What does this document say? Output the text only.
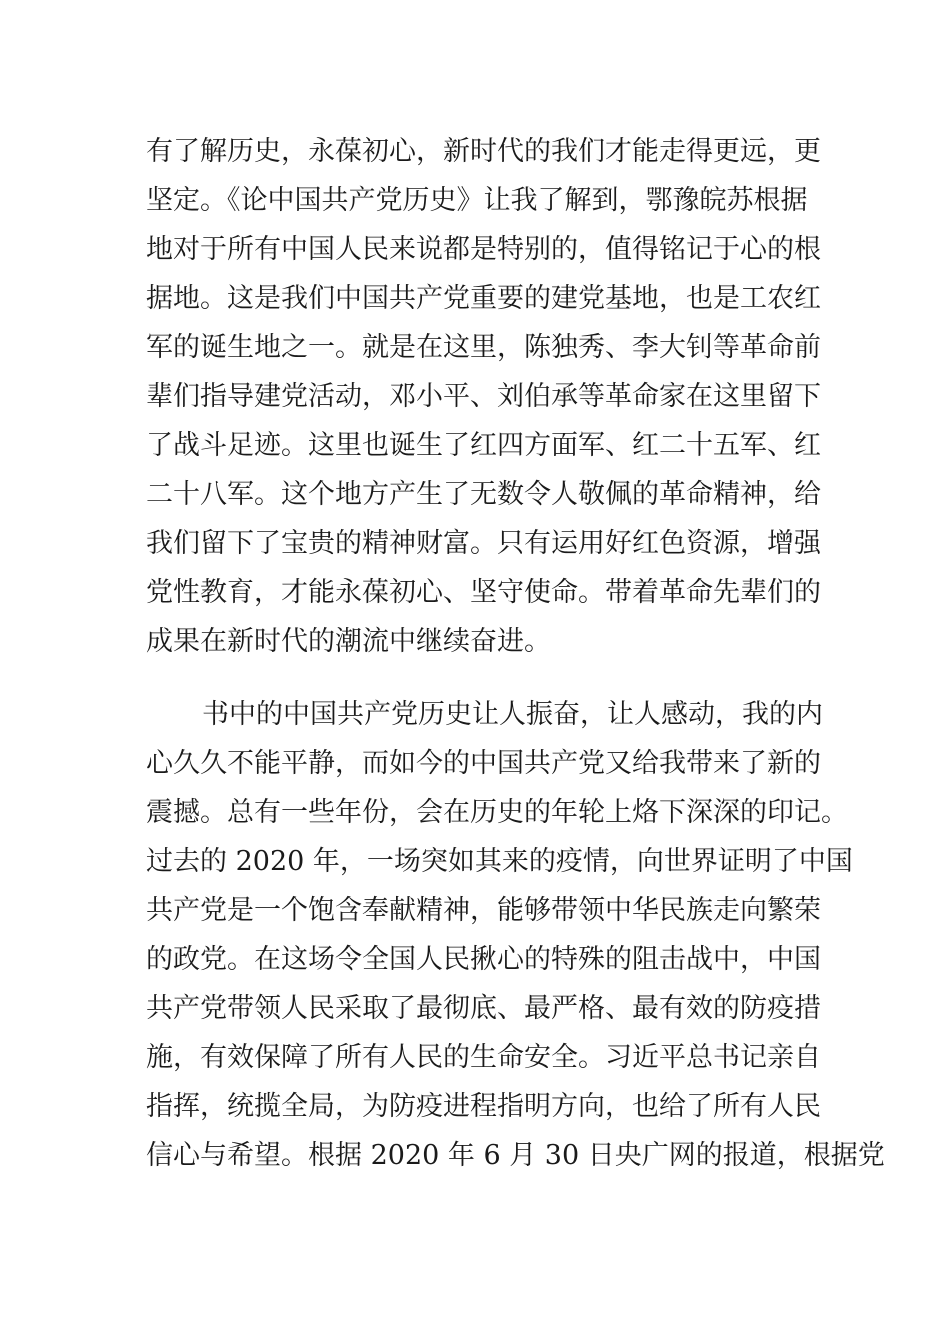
有了解历史，永葆初心，新时代的我们才能走得更远，更
坚定。《论中国共产党历史》让我了解到，鄂豫皖苏根据
地对于所有中国人民来说都是特别的，值得铭记于心的根
据地。这是我们中国共产党重要的建党基地，也是工农红
军的诞生地之一。就是在这里，陈独秀、李大钊等革命前
辈们指导建党活动，邓小平、刘伯承等革命家在这里留下
了战斗足迹。这里也诞生了红四方面军、红二十五军、红
二十八军。这个地方产生了无数令人敬佩的革命精神，给
我们留下了宝贵的精神财富。只有运用好红色资源，增强
党性教育，才能永葆初心、坚守使命。带着革命先辈们的
成果在新时代的潮流中继续奋进。
书中的中国共产党历史让人振奋，让人感动，我的内
心久久不能平静，而如今的中国共产党又给我带来了新的
震撼。总有一些年份，会在历史的年轮上烙下深深的印记。
过去的 2020 年，一场突如其来的疫情，向世界证明了中国
共产党是一个饱含奉献精神，能够带领中华民族走向繁荣
的政党。在这场令全国人民揪心的特殊的阻击战中，中国
共产党带领人民采取了最彻底、最严格、最有效的防疫措
施，有效保障了所有人民的生命安全。习近平总书记亲自
指挥，统揽全局，为防疫进程指明方向，也给了所有人民
信心与希望。根据 2020 年 6 月 30 日央广网的报道，根据党
